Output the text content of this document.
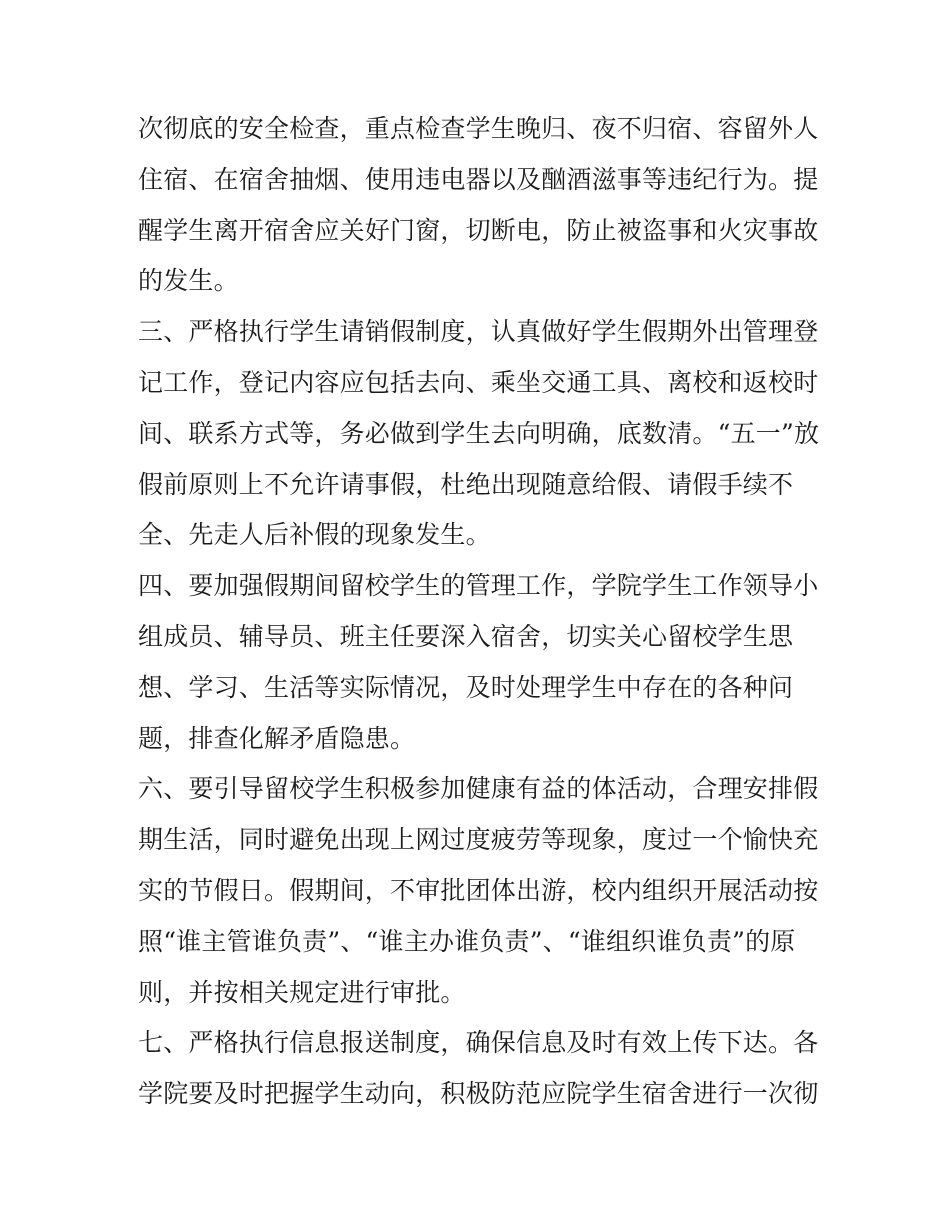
次彻底的安全检查，重点检查学生晚归、夜不归宿、容留外人
住宿、在宿舍抽烟、使用违电器以及酗酒滋事等违纪行为。提
醒学生离开宿舍应关好门窗，切断电，防止被盗事和火灾事故
的发生。
三、严格执行学生请销假制度，认真做好学生假期外出管理登
记工作，登记内容应包括去向、乘坐交通工具、离校和返校时
间、联系方式等，务必做到学生去向明确，底数清。“五一”放
假前原则上不允许请事假，杜绝出现随意给假、请假手续不
全、先走人后补假的现象发生。
四、要加强假期间留校学生的管理工作，学院学生工作领导小
组成员、辅导员、班主任要深入宿舍，切实关心留校学生思
想、学习、生活等实际情况，及时处理学生中存在的各种问
题，排查化解矛盾隐患。
六、要引导留校学生积极参加健康有益的体活动，合理安排假
期生活，同时避免出现上网过度疲劳等现象，度过一个愉快充
实的节假日。假期间，不审批团体出游，校内组织开展活动按
照“谁主管谁负责”、“谁主办谁负责”、“谁组织谁负责”的原
则，并按相关规定进行审批。
七、严格执行信息报送制度，确保信息及时有效上传下达。各
学院要及时把握学生动向，积极防范应院学生宿舍进行一次彻
